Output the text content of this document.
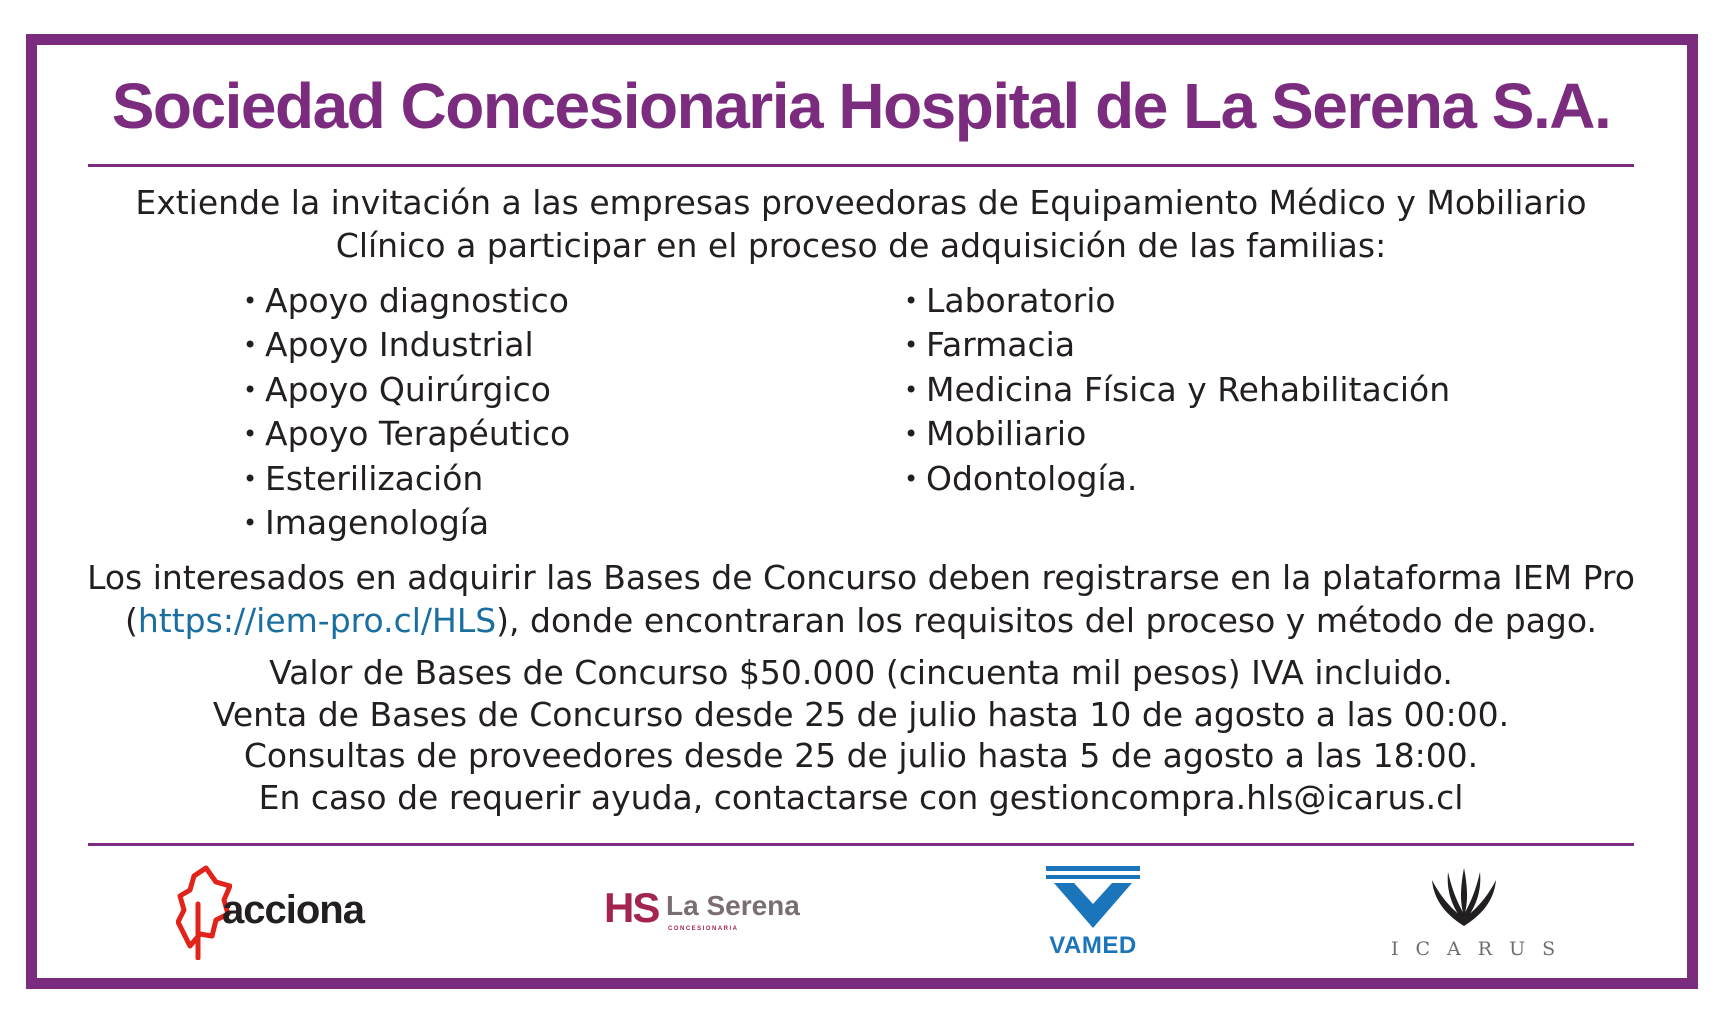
Sociedad Concesionaria Hospital de La Serena S.A.
Extiende la invitación a las empresas proveedoras de Equipamiento Médico y Mobiliario
Clínico a participar en el proceso de adquisición de las familias:
• Apoyo diagnostico
• Apoyo Industrial
• Apoyo Quirúrgico
• Apoyo Terapéutico
• Esterilización
• Imagenología
• Laboratorio
• Farmacia
• Medicina Física y Rehabilitación
• Mobiliario
• Odontología.
Los interesados en adquirir las Bases de Concurso deben registrarse en la plataforma IEM Pro
(https://iem-pro.cl/HLS), donde encontraran los requisitos del proceso y método de pago.
Valor de Bases de Concurso $50.000 (cincuenta mil pesos) IVA incluido.
Venta de Bases de Concurso desde 25 de julio hasta 10 de agosto a las 00:00.
Consultas de proveedores desde 25 de julio hasta 5 de agosto a las 18:00.
En caso de requerir ayuda, contactarse con gestioncompra.hls@icarus.cl
acciona	HS La Serena
CONCESIONARIA
VAMED	ICARUS
